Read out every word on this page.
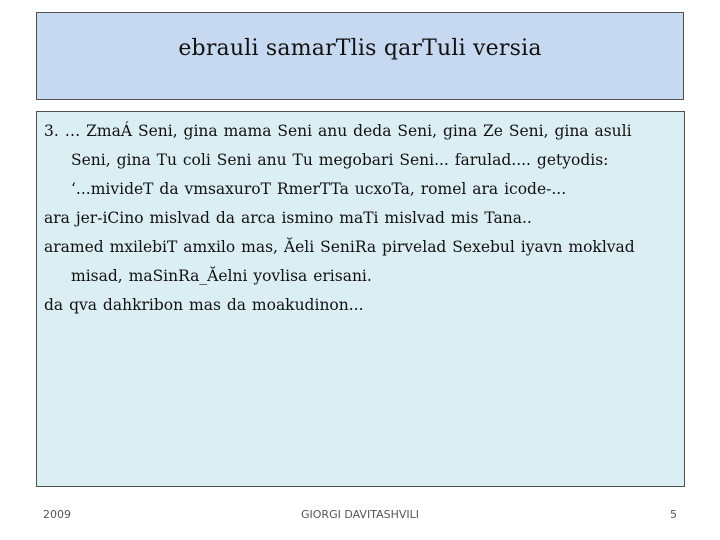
ebrauli samarTlis qarTuli versia

3. … ZmaÁ Seni, gina mama Seni anu deda Seni, gina Ze Seni, gina asuli Seni, gina Tu coli Seni anu Tu megobari Seni... farulad.... getyodis: ‘...mivideT da vmsaxuroT RmerTTa ucxoTa, romel ara icode-...

ara jer-iCino mislvad da arca ismino maTi mislvad mis Tana..

aramed mxilebiT amxilo mas, Ăeli SeniRa pirvelad Sexebul iyavn moklvad misad, maSinRa_Ăelni yovlisa erisani.

da qva dahkribon mas da moakudinon...

2009	GIORGI DAVITASHVILI	5
